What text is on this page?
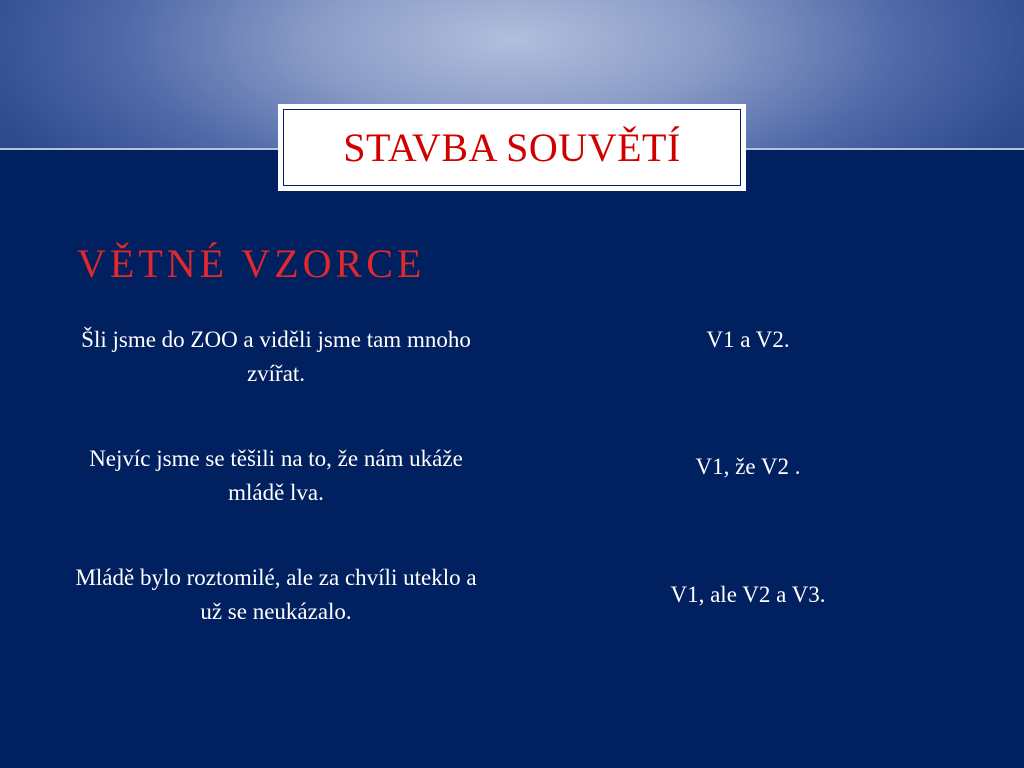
STAVBA SOUVĚTÍ
VĚTNÉ VZORCE
Šli jsme do ZOO a viděli jsme tam mnoho zvířat.
V1 a V2.
Nejvíc jsme se těšili na to, že nám ukáže mládě lva.
V1, že V2 .
Mládě bylo roztomilé, ale za chvíli uteklo a už se neukázalo.
V1, ale V2 a V3.
